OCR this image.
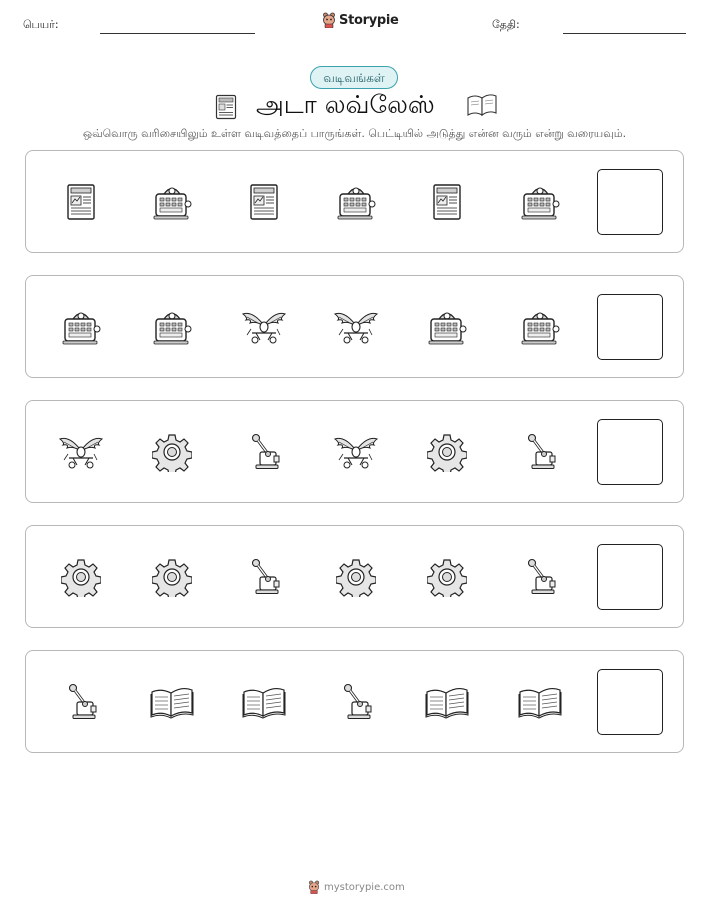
பெயர்:	Storypie	தேதி:
வடிவங்கள்
அடா லவ்லேஸ்
ஒவ்வொரு வரிசையிலும் உள்ள வடிவத்தைப் பாருங்கள். பெட்டியில் அடுத்து என்ன வரும் என்று வரையவும்.
mystorypie.com
